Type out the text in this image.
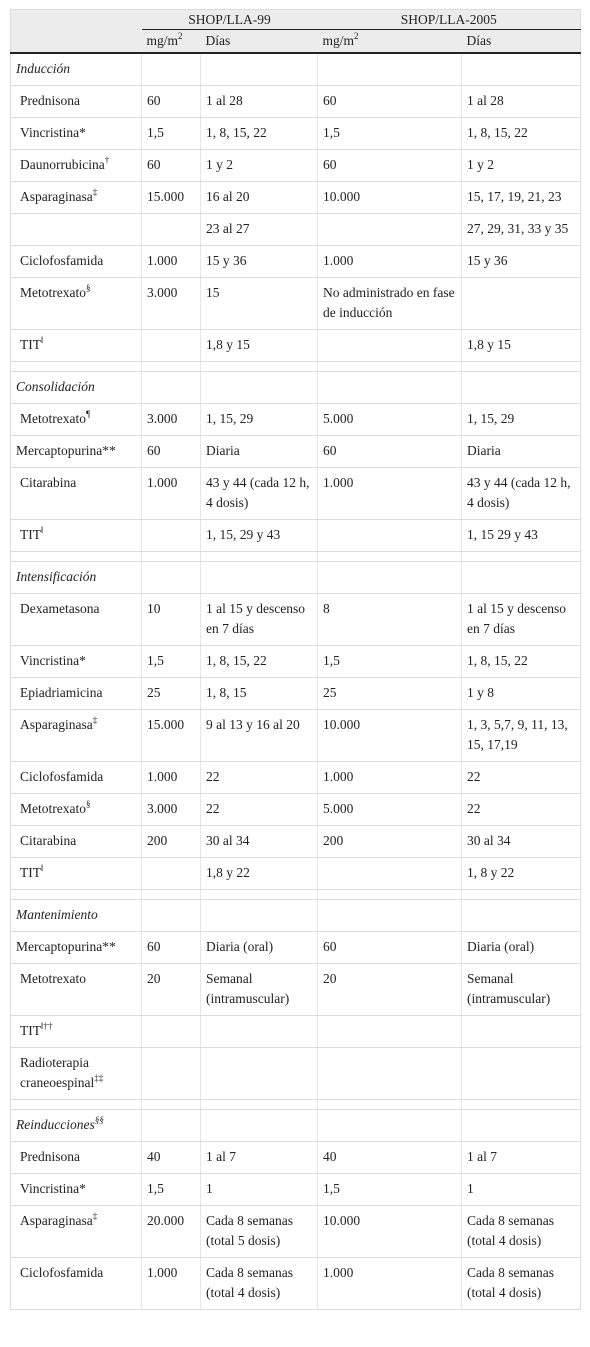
	SHOP/LLA-99		SHOP/LLA-2005	
	$mg/m^2$	Días	$mg/m^2$	Días
Inducción				
Prednisona	60	1 al 28	60	1 al 28
Vincristina*	1,5	1, 8, 15, 22	1,5	1, 8, 15, 22
Daunorrubicina†	60	1 y 2	60	1 y 2
Asparaginasa‡	15.000	16 al 20	10.000	15, 17, 19, 21, 23
		23 al 27		27, 29, 31, 33 y 35
Ciclofosfamida	1.000	15 y 36	1.000	15 y 36
Metotrexato§	3.000	15	No administrado en fase de inducción	
TIT‖		1,8 y 15		1,8 y 15

Consolidación				
Metotrexato¶	3.000	1, 15, 29	5.000	1, 15, 29
Mercaptopurina**	60	Diaria	60	Diaria
Citarabina	1.000	43 y 44 (cada 12 h, 4 dosis)	1.000	43 y 44 (cada 12 h, 4 dosis)
TIT‖		1, 15, 29 y 43		1, 15 29 y 43

Intensificación				
Dexametasona	10	1 al 15 y descenso en 7 días	8	1 al 15 y descenso en 7 días
Vincristina*	1,5	1, 8, 15, 22	1,5	1, 8, 15, 22
Epiadriamicina	25	1, 8, 15	25	1 y 8
Asparaginasa‡	15.000	9 al 13 y 16 al 20	10.000	1, 3, 5,7, 9, 11, 13, 15, 17,19
Ciclofosfamida	1.000	22	1.000	22
Metotrexato§	3.000	22	5.000	22
Citarabina	200	30 al 34	200	30 al 34
TIT‖		1,8 y 22		1, 8 y 22

Mantenimiento				
Mercaptopurina**	60	Diaria (oral)	60	Diaria (oral)
Metotrexato	20	Semanal (intramuscular)	20	Semanal (intramuscular)
TIT‖††				
Radioterapia craneoespinal‡‡				

Reinducciones§§				
Prednisona	40	1 al 7	40	1 al 7
Vincristina*	1,5	1	1,5	1
Asparaginasa‡	20.000	Cada 8 semanas (total 5 dosis)	10.000	Cada 8 semanas (total 4 dosis)
Ciclofosfamida	1.000	Cada 8 semanas (total 4 dosis)	1.000	Cada 8 semanas (total 4 dosis)
